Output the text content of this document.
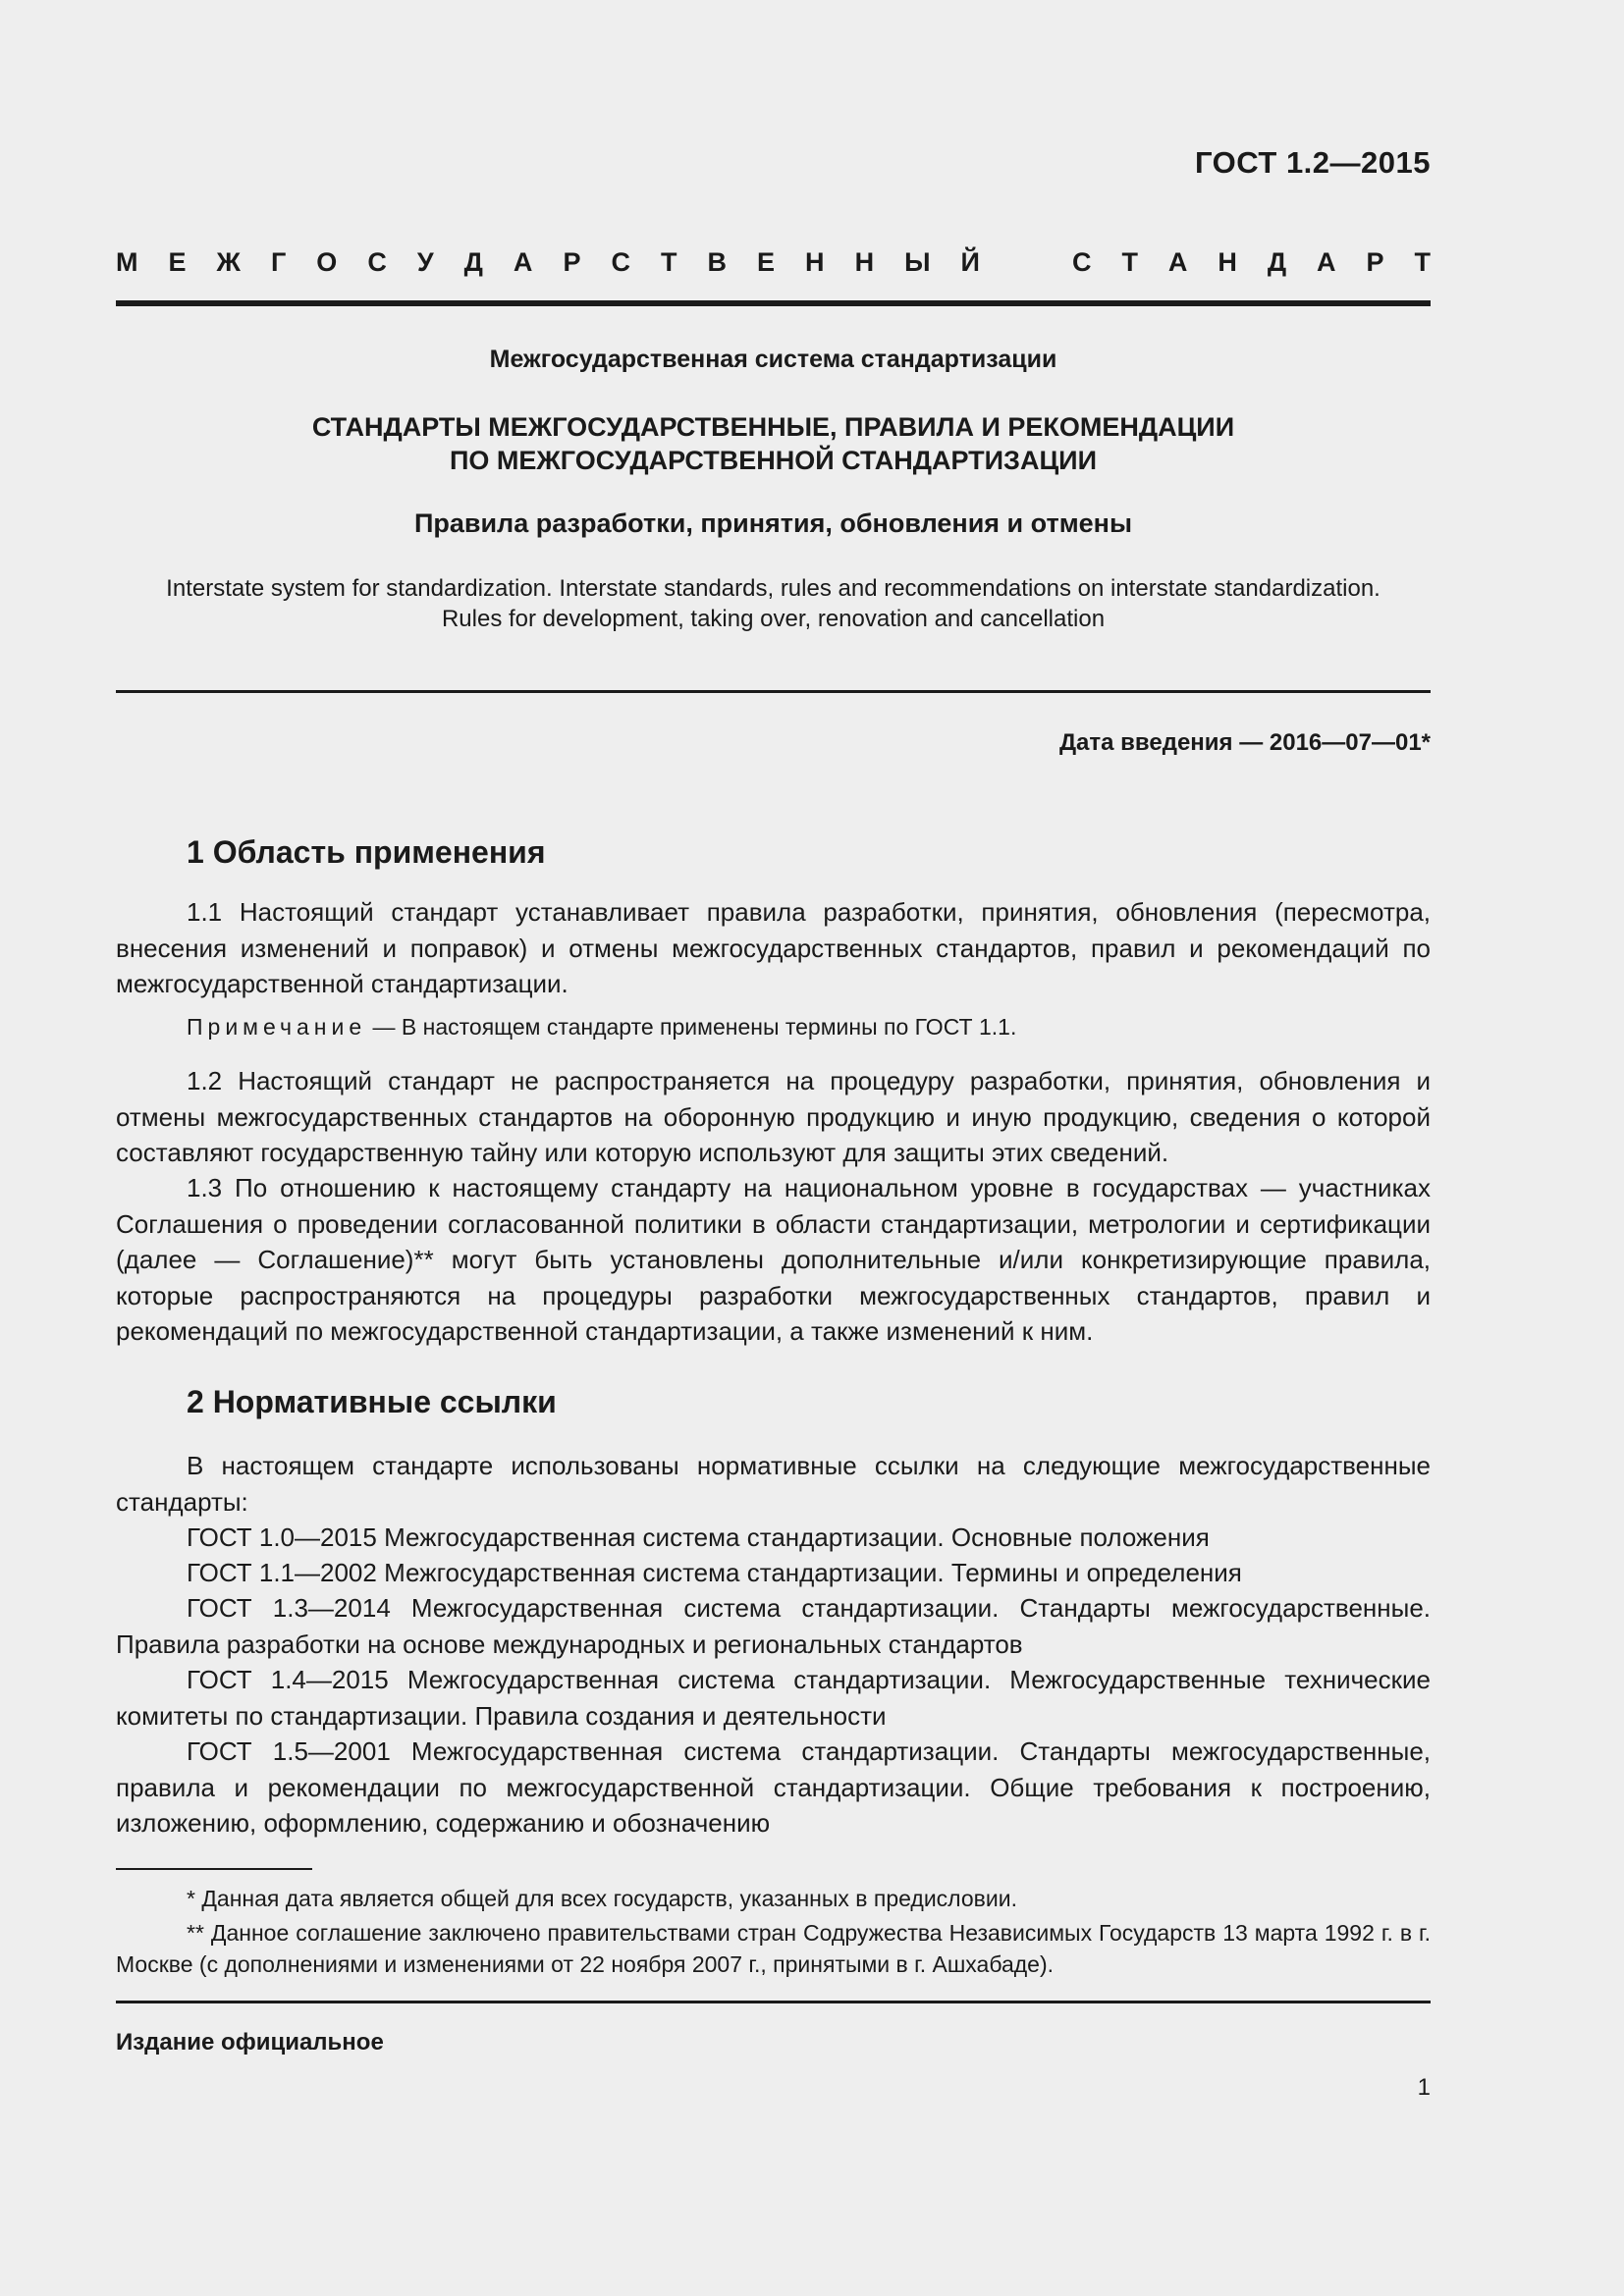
ГОСТ 1.2—2015
М Е Ж Г О С У Д А Р С Т В Е Н Н Ы Й	С Т А Н Д А Р Т
Межгосударственная система стандартизации
СТАНДАРТЫ МЕЖГОСУДАРСТВЕННЫЕ, ПРАВИЛА И РЕКОМЕНДАЦИИ
ПО МЕЖГОСУДАРСТВЕННОЙ СТАНДАРТИЗАЦИИ
Правила разработки, принятия, обновления и отмены
Interstate system for standardization. Interstate standards, rules and recommendations on interstate standardization.
Rules for development, taking over, renovation and cancellation
Дата введения — 2016—07—01*
1 Область применения

1.1 Настоящий стандарт устанавливает правила разработки, принятия, обновления (пересмотра, внесения изменений и поправок) и отмены межгосударственных стандартов, правил и рекомендаций по межгосударственной стандартизации.

Примечание — В настоящем стандарте применены термины по ГОСТ 1.1.

1.2 Настоящий стандарт не распространяется на процедуру разработки, принятия, обновления и отмены межгосударственных стандартов на оборонную продукцию и иную продукцию, сведения о которой составляют государственную тайну или которую используют для защиты этих сведений.

1.3 По отношению к настоящему стандарту на национальном уровне в государствах — участниках Соглашения о проведении согласованной политики в области стандартизации, метрологии и сертификации (далее — Соглашение)** могут быть установлены дополнительные и/или конкретизирующие правила, которые распространяются на процедуры разработки межгосударственных стандартов, правил и рекомендаций по межгосударственной стандартизации, а также изменений к ним.

2 Нормативные ссылки

В настоящем стандарте использованы нормативные ссылки на следующие межгосударственные стандарты:

ГОСТ 1.0—2015 Межгосударственная система стандартизации. Основные положения

ГОСТ 1.1—2002 Межгосударственная система стандартизации. Термины и определения

ГОСТ 1.3—2014 Межгосударственная система стандартизации. Стандарты межгосударственные. Правила разработки на основе международных и региональных стандартов

ГОСТ 1.4—2015 Межгосударственная система стандартизации. Межгосударственные технические комитеты по стандартизации. Правила создания и деятельности

ГОСТ 1.5—2001 Межгосударственная система стандартизации. Стандарты межгосударственные, правила и рекомендации по межгосударственной стандартизации. Общие требования к построению, изложению, оформлению, содержанию и обозначению

* Данная дата является общей для всех государств, указанных в предисловии.

** Данное соглашение заключено правительствами стран Содружества Независимых Государств 13 марта 1992 г. в г. Москве (с дополнениями и изменениями от 22 ноября 2007 г., принятыми в г. Ашхабаде).

Издание официальное
1
